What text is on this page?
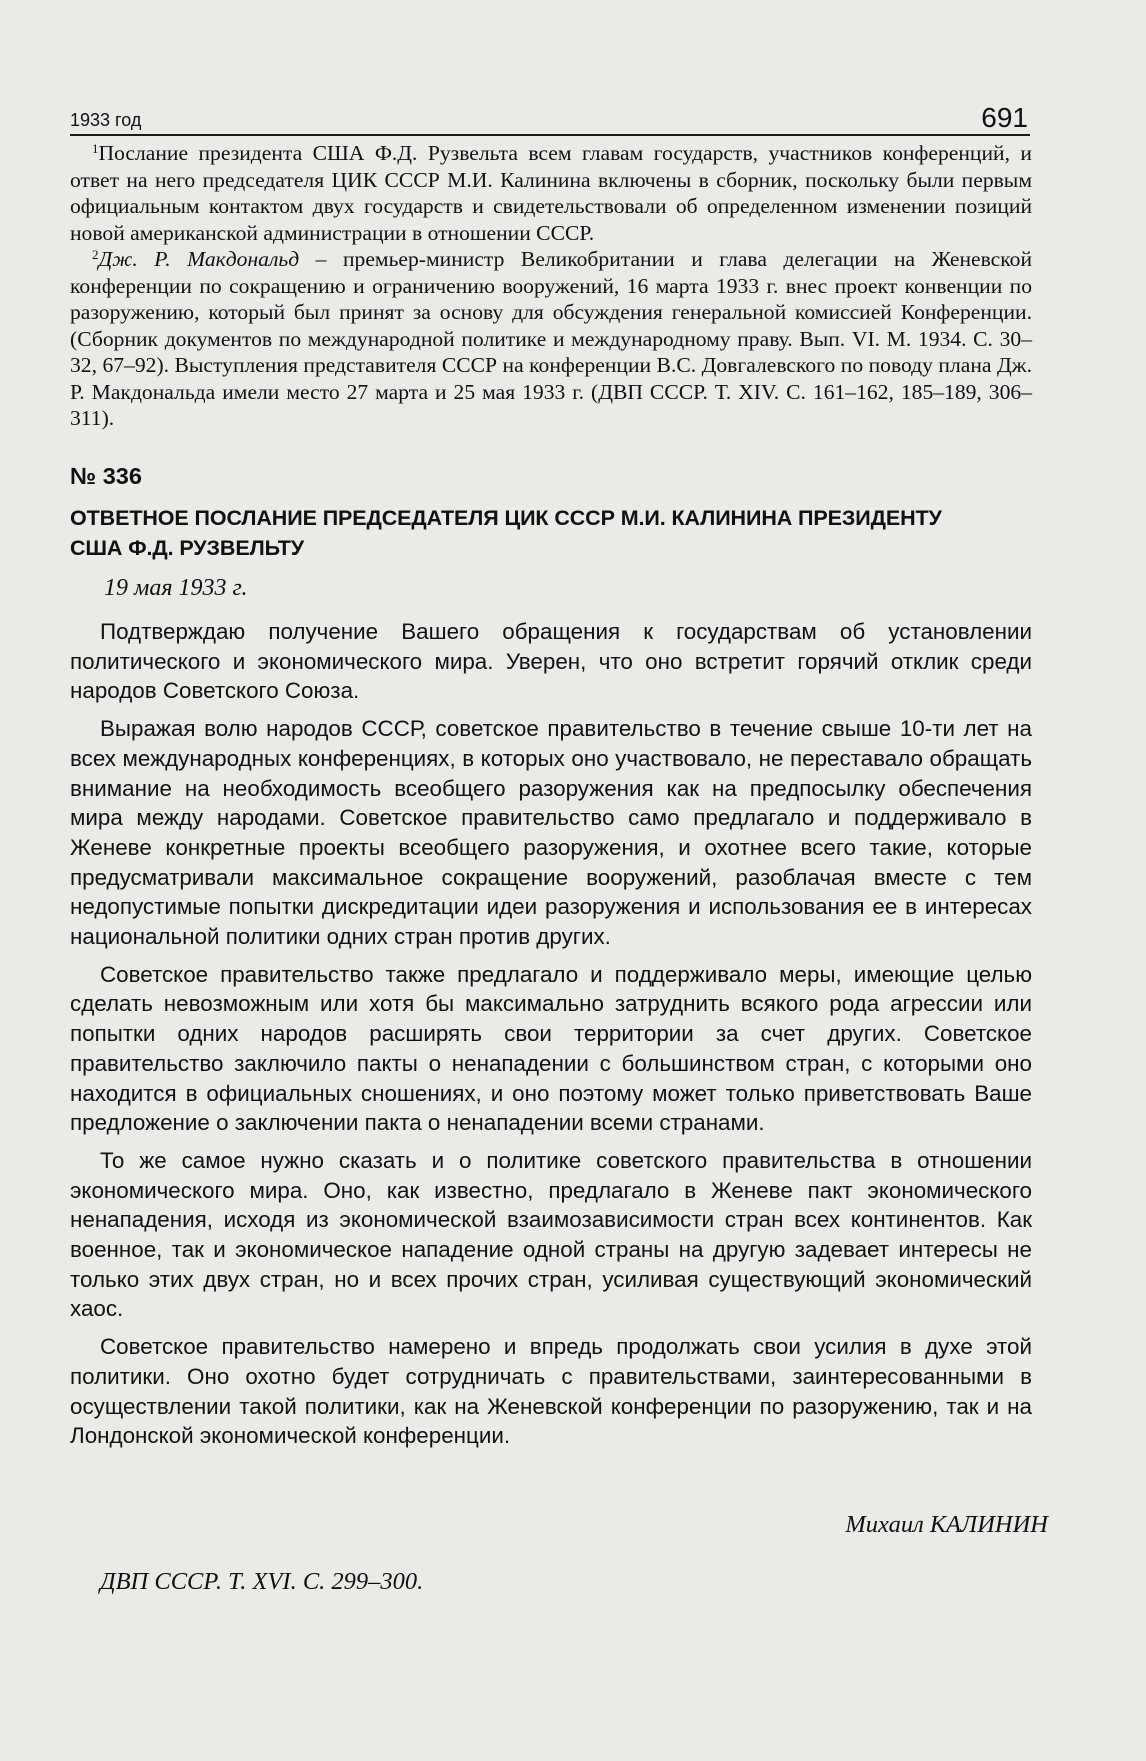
1933 год	691

$^1$Послание президента США Ф.Д. Рузвельта всем главам государств, участников конференций, и ответ на него председателя ЦИК СССР М.И. Калинина включены в сборник, поскольку были первым официальным контактом двух государств и свидетельствовали об определенном изменении позиций новой американской администрации в отношении СССР.

$^2$Дж. Р. Макдональд – премьер-министр Великобритании и глава делегации на Женевской конференции по сокращению и ограничению вооружений, 16 марта 1933 г. внес проект конвенции по разоружению, который был принят за основу для обсуждения генеральной комиссией Конференции. (Сборник документов по международной политике и международному праву. Вып. VI. М. 1934. С. 30–32, 67–92). Выступления представителя СССР на конференции В.С. Довгалевского по поводу плана Дж. Р. Макдональда имели место 27 марта и 25 мая 1933 г. (ДВП СССР. Т. XIV. С. 161–162, 185–189, 306–311).

№ 336
ОТВЕТНОЕ ПОСЛАНИЕ ПРЕДСЕДАТЕЛЯ ЦИК СССР М.И. КАЛИНИНА ПРЕЗИДЕНТУ США Ф.Д. РУЗВЕЛЬТУ
19 мая 1933 г.

Подтверждаю получение Вашего обращения к государствам об установлении политического и экономического мира. Уверен, что оно встретит горячий отклик среди народов Советского Союза.

Выражая волю народов СССР, советское правительство в течение свыше 10-ти лет на всех международных конференциях, в которых оно участвовало, не переставало обращать внимание на необходимость всеобщего разоружения как на предпосылку обеспечения мира между народами. Советское правительство само предлагало и поддерживало в Женеве конкретные проекты всеобщего разоружения, и охотнее всего такие, которые предусматривали максимальное сокращение вооружений, разоблачая вместе с тем недопустимые попытки дискредитации идеи разоружения и использования ее в интересах национальной политики одних стран против других.

Советское правительство также предлагало и поддерживало меры, имеющие целью сделать невозможным или хотя бы максимально затруднить всякого рода агрессии или попытки одних народов расширять свои территории за счет других. Советское правительство заключило пакты о ненападении с большинством стран, с которыми оно находится в официальных сношениях, и оно поэтому может только приветствовать Ваше предложение о заключении пакта о ненападении всеми странами.

То же самое нужно сказать и о политике советского правительства в отношении экономического мира. Оно, как известно, предлагало в Женеве пакт экономического ненападения, исходя из экономической взаимозависимости стран всех континентов. Как военное, так и экономическое нападение одной страны на другую задевает интересы не только этих двух стран, но и всех прочих стран, усиливая существующий экономический хаос.

Советское правительство намерено и впредь продолжать свои усилия в духе этой политики. Оно охотно будет сотрудничать с правительствами, заинтересованными в осуществлении такой политики, как на Женевской конференции по разоружению, так и на Лондонской экономической конференции.

Михаил КАЛИНИН
ДВП СССР. Т. XVI. С. 299–300.
